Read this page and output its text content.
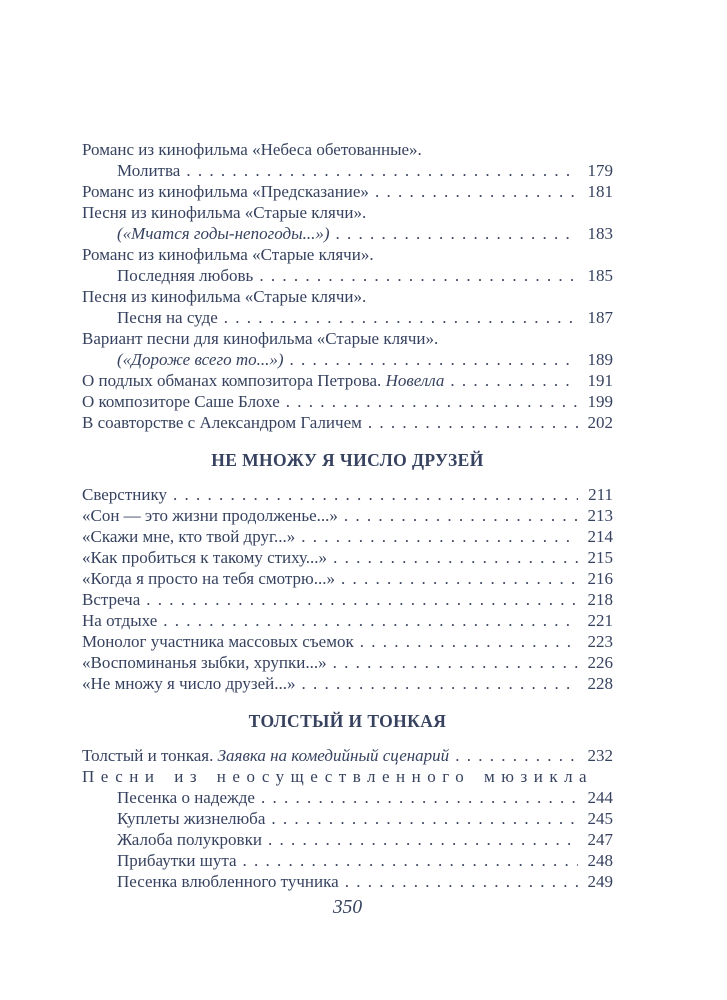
Романс из кинофильма «Небеса обетованные».
Молитва . . .	179
Романс из кинофильма «Предсказание» . . .	181
Песня из кинофильма «Старые клячи».
(«Мчатся годы-непогоды...») . . .	183
Романс из кинофильма «Старые клячи».
Последняя любовь . . .	185
Песня из кинофильма «Старые клячи».
Песня на суде . . .	187
Вариант песни для кинофильма «Старые клячи».
(«Дороже всего то...») . . .	189
О подлых обманах композитора Петрова. Новелла . . .	191
О композиторе Саше Блохе . . .	199
В соавторстве с Александром Галичем . . .	202
НЕ МНОЖУ Я ЧИСЛО ДРУЗЕЙ
Сверстнику . . .	211
«Сон — это жизни продолженье...» . . .	213
«Скажи мне, кто твой друг...» . . .	214
«Как пробиться к такому стиху...» . . .	215
«Когда я просто на тебя смотрю...» . . .	216
Встреча . . .	218
На отдыхе . . .	221
Монолог участника массовых съемок . . .	223
«Воспоминанья зыбки, хрупки...» . . .	226
«Не множу я число друзей...» . . .	228
ТОЛСТЫЙ И ТОНКАЯ
Толстый и тонкая. Заявка на комедийный сценарий . . .	232
Песни из неосуществленного мюзикла
Песенка о надежде . . .	244
Куплеты жизнелюба . . .	245
Жалоба полукровки . . .	247
Прибаутки шута . . .	248
Песенка влюбленного тучника . . .	249
350
